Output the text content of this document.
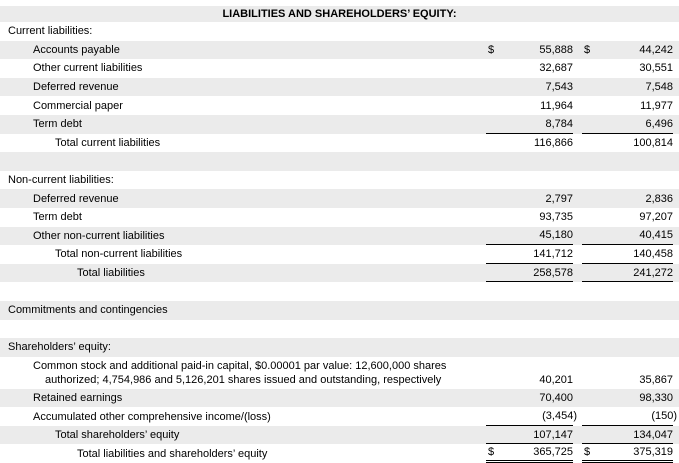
LIABILITIES AND SHAREHOLDERS’ EQUITY:
Current liabilities:
Accounts payable	$	55,888 $	44,242
Other current liabilities	32,687	30,551
Deferred revenue	7,543	7,548
Commercial paper	11,964	11,977
Term debt	8,784	6,496
Total current liabilities	116,866	100,814
Non-current liabilities:
Deferred revenue	2,797	2,836
Term debt	93,735	97,207
Other non-current liabilities	45,180	40,415
Total non-current liabilities	141,712	140,458
Total liabilities	258,578	241,272
Commitments and contingencies
Shareholders’ equity:
Common stock and additional paid-in capital, $0.00001 par value: 12,600,000 shares
authorized; 4,754,986 and 5,126,201 shares issued and outstanding, respectively	40,201	35,867
Retained earnings	70,400	98,330
Accumulated other comprehensive income/(loss)	(3,454)	(150)
Total shareholders’ equity	107,147	134,047
Total liabilities and shareholders’ equity	$	365,725 $	375,319
